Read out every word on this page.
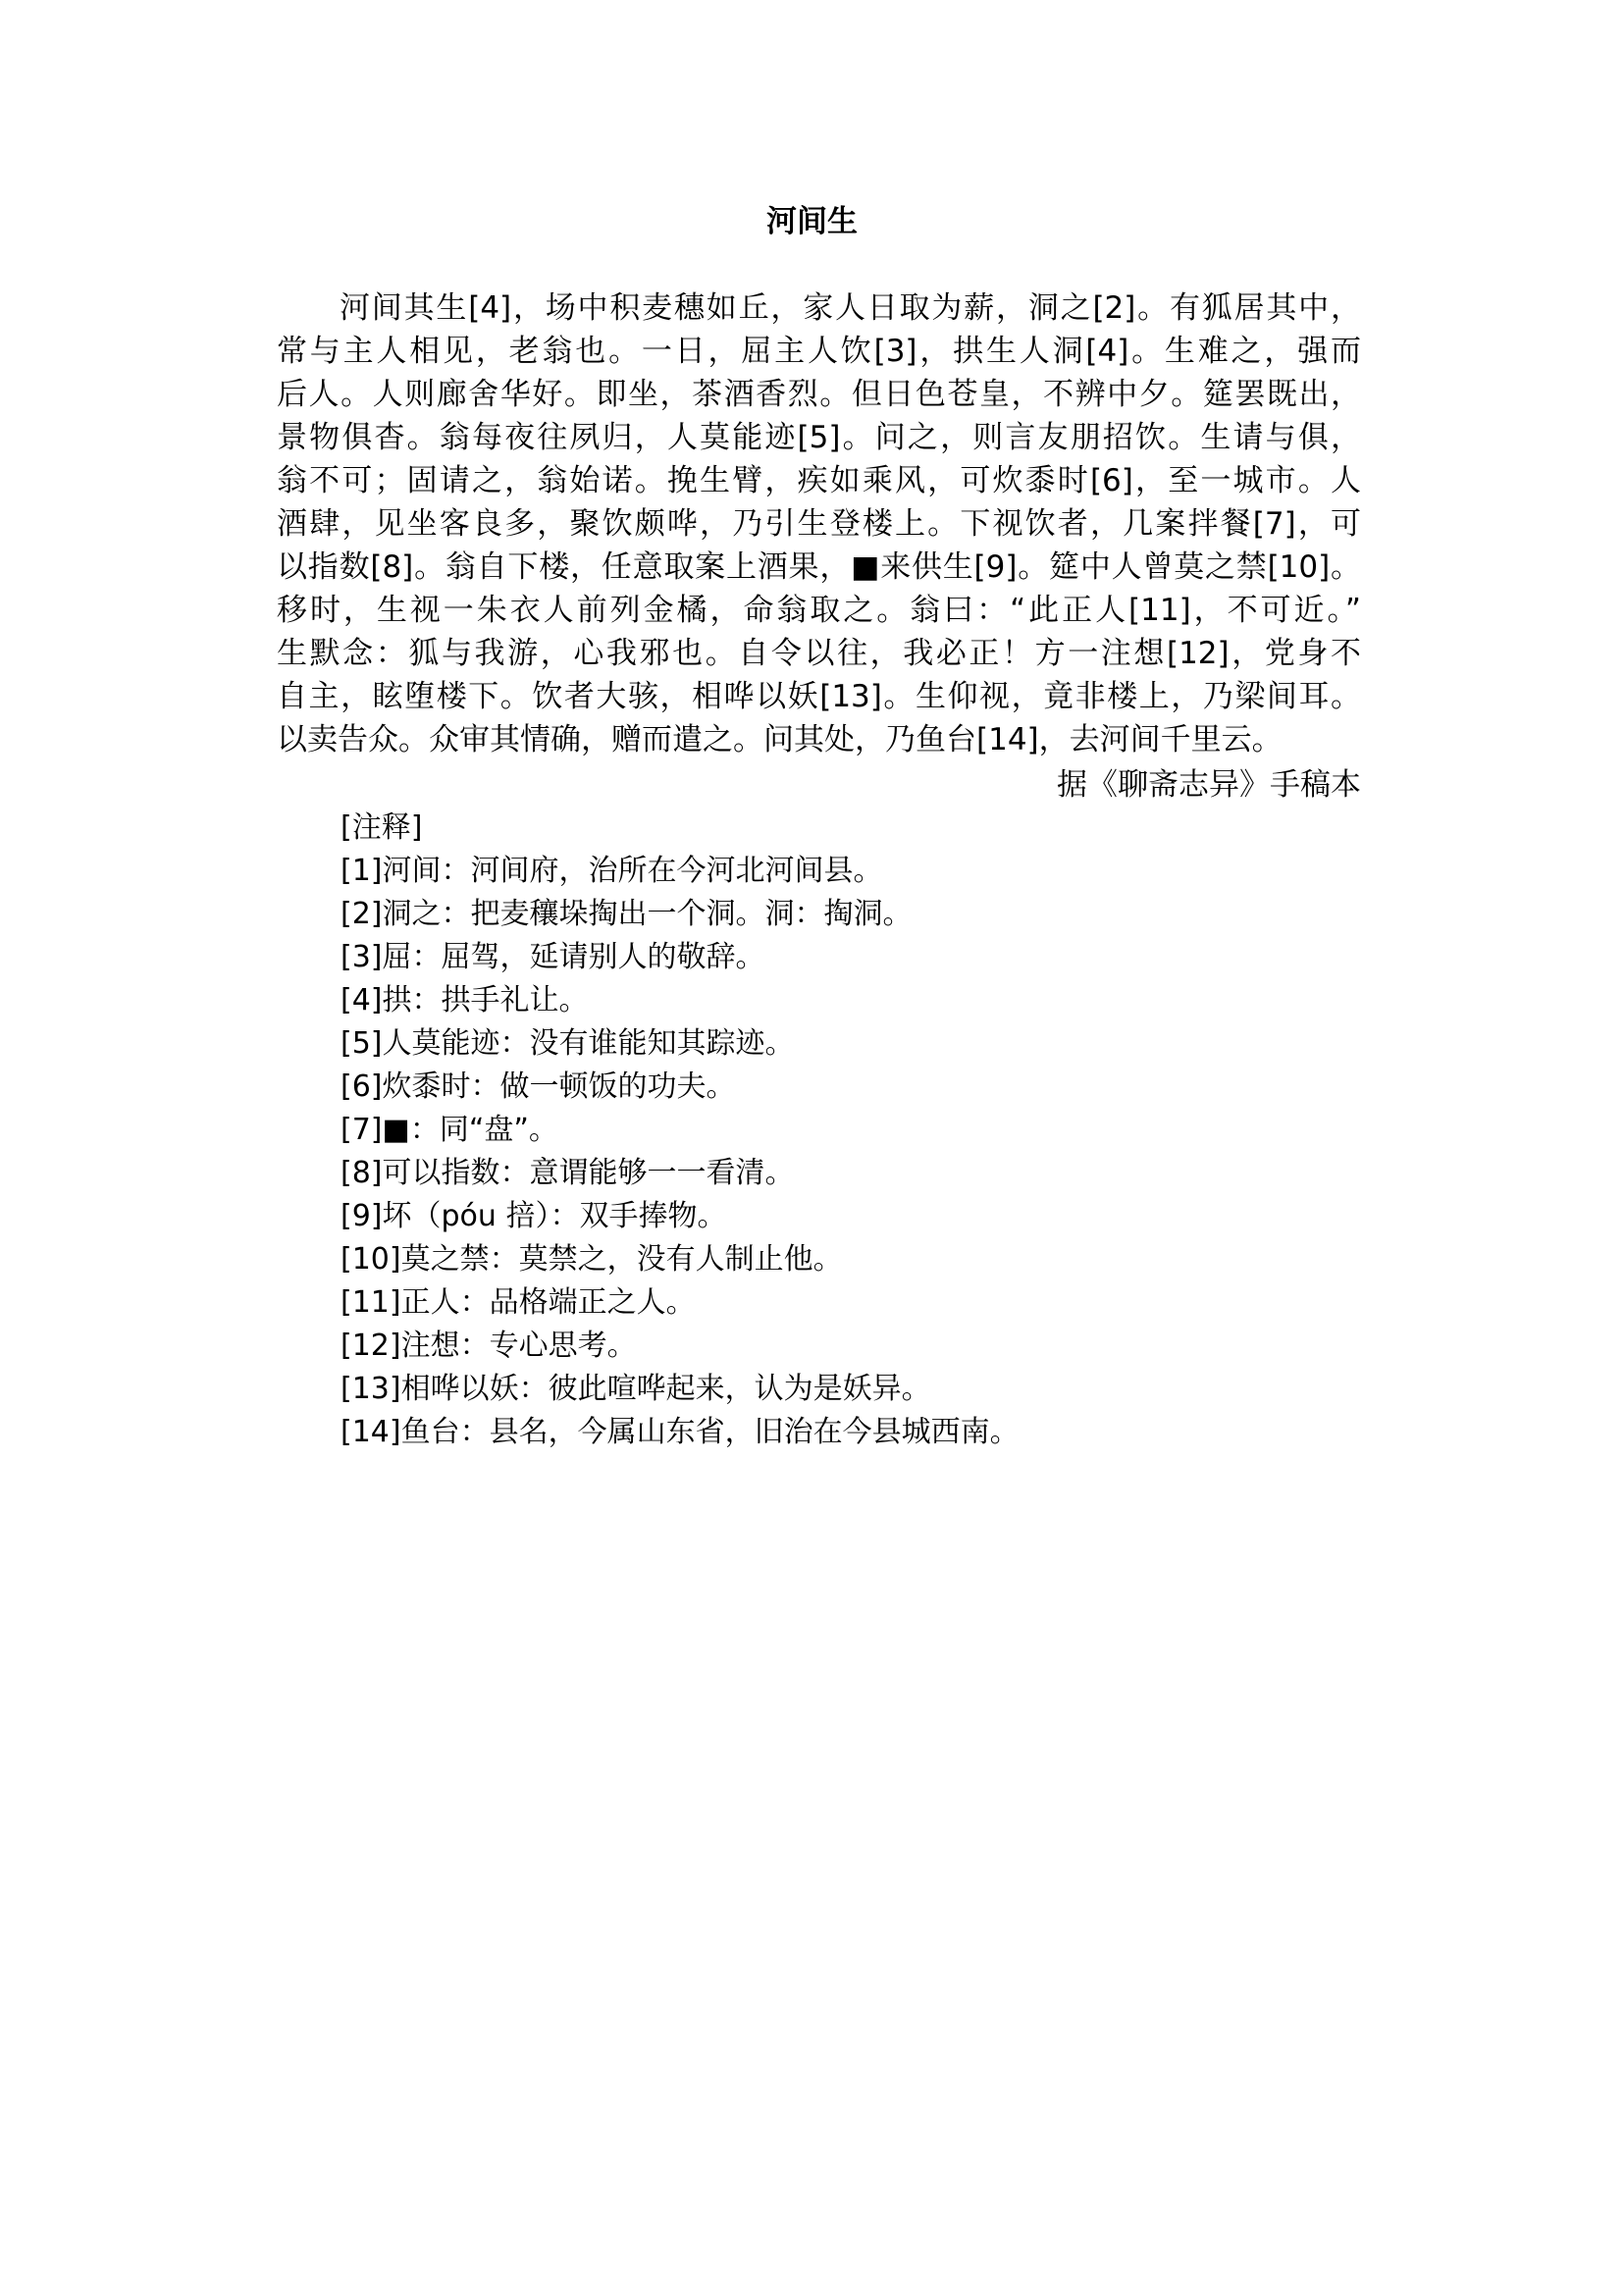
河间生
河间其生[4]，场中积麦穗如丘，家人日取为薪，洞之[2]。有狐居其中，
常与主人相见，老翁也。一日，屈主人饮[3]，拱生人洞[4]。生难之，强而
后人。人则廊舍华好。即坐，茶酒香烈。但日色苍皇，不辨中夕。筵罢既出，
景物俱杳。翁每夜往夙归，人莫能迹[5]。问之，则言友朋招饮。生请与俱，
翁不可；固请之，翁始诺。挽生臂，疾如乘风，可炊黍时[6]，至一城市。人
酒肆，见坐客良多，聚饮颇哗，乃引生登楼上。下视饮者，几案拌餐[7]，可
以指数[8]。翁自下楼，任意取案上酒果，■来供生[9]。筵中人曾莫之禁[10]。
移时，生视一朱衣人前列金橘，命翁取之。翁曰：“此正人[11]，不可近。”
生默念：狐与我游，心我邪也。自令以往，我必正！方一注想[12]，党身不
自主，眩堕楼下。饮者大骇，相哗以妖[13]。生仰视，竟非楼上，乃梁间耳。
以卖告众。众审其情确，赠而遣之。问其处，乃鱼台[14]，去河间千里云。
据《聊斋志异》手稿本
[注释]
[1]河间：河间府，治所在今河北河间县。
[2]洞之：把麦穰垛掏出一个洞。洞：掏洞。
[3]屈：屈驾，延请别人的敬辞。
[4]拱：拱手礼让。
[5]人莫能迹：没有谁能知其踪迹。
[6]炊黍时：做一顿饭的功夫。
[7]■：同“盘”。
[8]可以指数：意谓能够一一看清。
[9]坏（póu 掊）：双手捧物。
[10]莫之禁：莫禁之，没有人制止他。
[11]正人：品格端正之人。
[12]注想：专心思考。
[13]相哗以妖：彼此喧哗起来，认为是妖异。
[14]鱼台：县名，今属山东省，旧治在今县城西南。
